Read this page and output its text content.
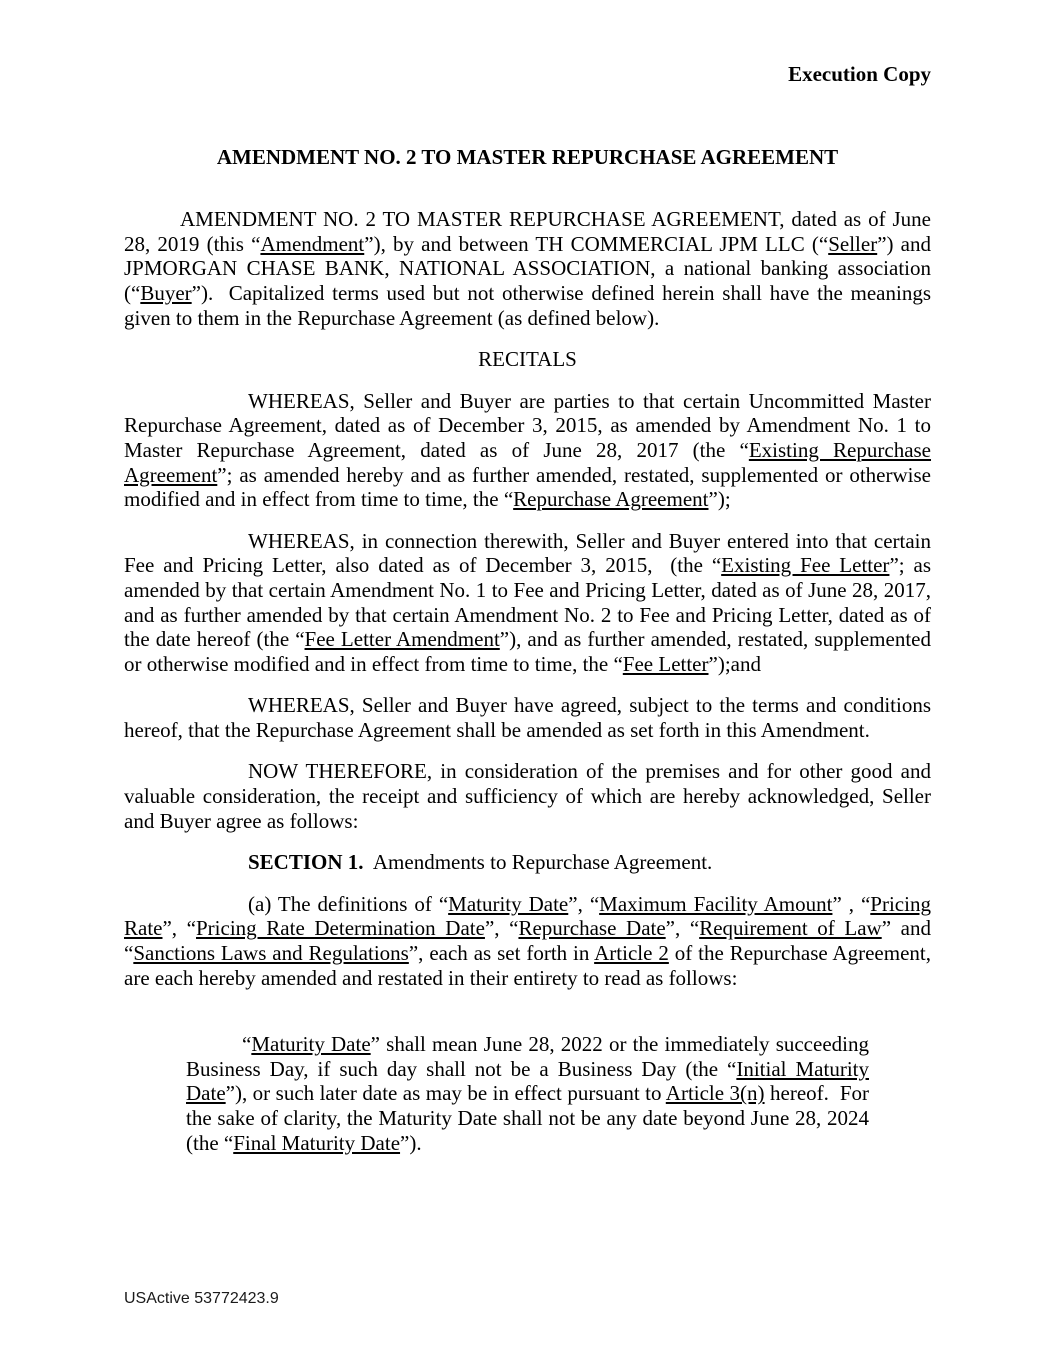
Execution Copy
AMENDMENT NO. 2 TO MASTER REPURCHASE AGREEMENT

AMENDMENT NO. 2 TO MASTER REPURCHASE AGREEMENT, dated as of June 28, 2019 (this “Amendment”), by and between TH COMMERCIAL JPM LLC (“Seller”) and JPMORGAN CHASE BANK, NATIONAL ASSOCIATION, a national banking association (“Buyer”).  Capitalized terms used but not otherwise defined herein shall have the meanings given to them in the Repurchase Agreement (as defined below).

RECITALS

WHEREAS, Seller and Buyer are parties to that certain Uncommitted Master Repurchase Agreement, dated as of December 3, 2015, as amended by Amendment No. 1 to Master Repurchase Agreement, dated as of June 28, 2017 (the “Existing Repurchase Agreement”; as amended hereby and as further amended, restated, supplemented or otherwise modified and in effect from time to time, the “Repurchase Agreement”);

WHEREAS, in connection therewith, Seller and Buyer entered into that certain Fee and Pricing Letter, also dated as of December 3, 2015,  (the “Existing Fee Letter”; as amended by that certain Amendment No. 1 to Fee and Pricing Letter, dated as of June 28, 2017, and as further amended by that certain Amendment No. 2 to Fee and Pricing Letter, dated as of the date hereof (the “Fee Letter Amendment”), and as further amended, restated, supplemented or otherwise modified and in effect from time to time, the “Fee Letter”);and

WHEREAS, Seller and Buyer have agreed, subject to the terms and conditions hereof, that the Repurchase Agreement shall be amended as set forth in this Amendment.

NOW THEREFORE, in consideration of the premises and for other good and valuable consideration, the receipt and sufficiency of which are hereby acknowledged, Seller and Buyer agree as follows:

SECTION 1.  Amendments to Repurchase Agreement.

(a) The definitions of “Maturity Date”, “Maximum Facility Amount” , “Pricing Rate”, “Pricing Rate Determination Date”, “Repurchase Date”, “Requirement of Law” and “Sanctions Laws and Regulations”, each as set forth in Article 2 of the Repurchase Agreement, are each hereby amended and restated in their entirety to read as follows:

“Maturity Date” shall mean June 28, 2022 or the immediately succeeding Business Day, if such day shall not be a Business Day (the “Initial Maturity Date”), or such later date as may be in effect pursuant to Article 3(n) hereof.  For the sake of clarity, the Maturity Date shall not be any date beyond June 28, 2024 (the “Final Maturity Date”).

USActive 53772423.9
